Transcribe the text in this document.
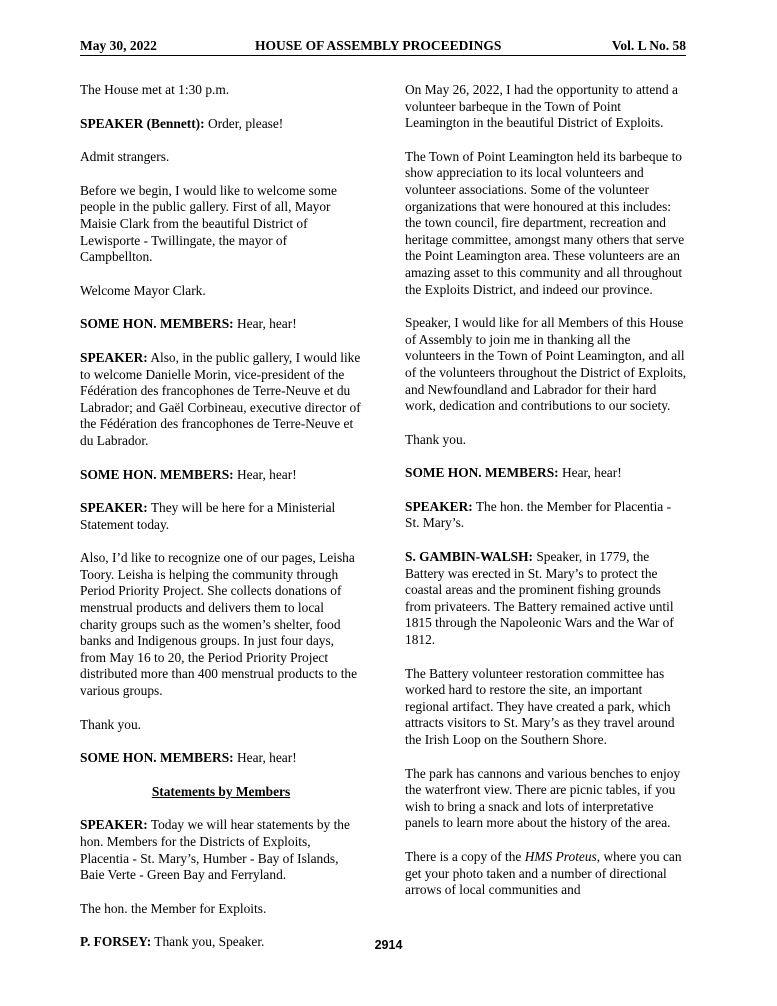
May 30, 2022	HOUSE OF ASSEMBLY PROCEEDINGS	Vol. L No. 58

The House met at 1:30 p.m.

SPEAKER (Bennett): Order, please!

Admit strangers.

Before we begin, I would like to welcome some people in the public gallery. First of all, Mayor Maisie Clark from the beautiful District of Lewisporte - Twillingate, the mayor of Campbellton.

Welcome Mayor Clark.

SOME HON. MEMBERS: Hear, hear!

SPEAKER: Also, in the public gallery, I would like to welcome Danielle Morin, vice-president of the Fédération des francophones de Terre-Neuve et du Labrador; and Gaël Corbineau, executive director of the Fédération des francophones de Terre-Neuve et du Labrador.

SOME HON. MEMBERS: Hear, hear!

SPEAKER: They will be here for a Ministerial Statement today.

Also, I’d like to recognize one of our pages, Leisha Toory. Leisha is helping the community through Period Priority Project. She collects donations of menstrual products and delivers them to local charity groups such as the women’s shelter, food banks and Indigenous groups. In just four days, from May 16 to 20, the Period Priority Project distributed more than 400 menstrual products to the various groups.

Thank you.

SOME HON. MEMBERS: Hear, hear!

Statements by Members

SPEAKER: Today we will hear statements by the hon. Members for the Districts of Exploits, Placentia - St. Mary’s, Humber - Bay of Islands, Baie Verte - Green Bay and Ferryland.

The hon. the Member for Exploits.

P. FORSEY: Thank you, Speaker.

On May 26, 2022, I had the opportunity to attend a volunteer barbeque in the Town of Point Leamington in the beautiful District of Exploits.

The Town of Point Leamington held its barbeque to show appreciation to its local volunteers and volunteer associations. Some of the volunteer organizations that were honoured at this includes: the town council, fire department, recreation and heritage committee, amongst many others that serve the Point Leamington area. These volunteers are an amazing asset to this community and all throughout the Exploits District, and indeed our province.

Speaker, I would like for all Members of this House of Assembly to join me in thanking all the volunteers in the Town of Point Leamington, and all of the volunteers throughout the District of Exploits, and Newfoundland and Labrador for their hard work, dedication and contributions to our society.

Thank you.

SOME HON. MEMBERS: Hear, hear!

SPEAKER: The hon. the Member for Placentia - St. Mary’s.

S. GAMBIN-WALSH: Speaker, in 1779, the Battery was erected in St. Mary’s to protect the coastal areas and the prominent fishing grounds from privateers. The Battery remained active until 1815 through the Napoleonic Wars and the War of 1812.

The Battery volunteer restoration committee has worked hard to restore the site, an important regional artifact. They have created a park, which attracts visitors to St. Mary’s as they travel around the Irish Loop on the Southern Shore.

The park has cannons and various benches to enjoy the waterfront view. There are picnic tables, if you wish to bring a snack and lots of interpretative panels to learn more about the history of the area.

There is a copy of the HMS Proteus, where you can get your photo taken and a number of directional arrows of local communities and

2914
